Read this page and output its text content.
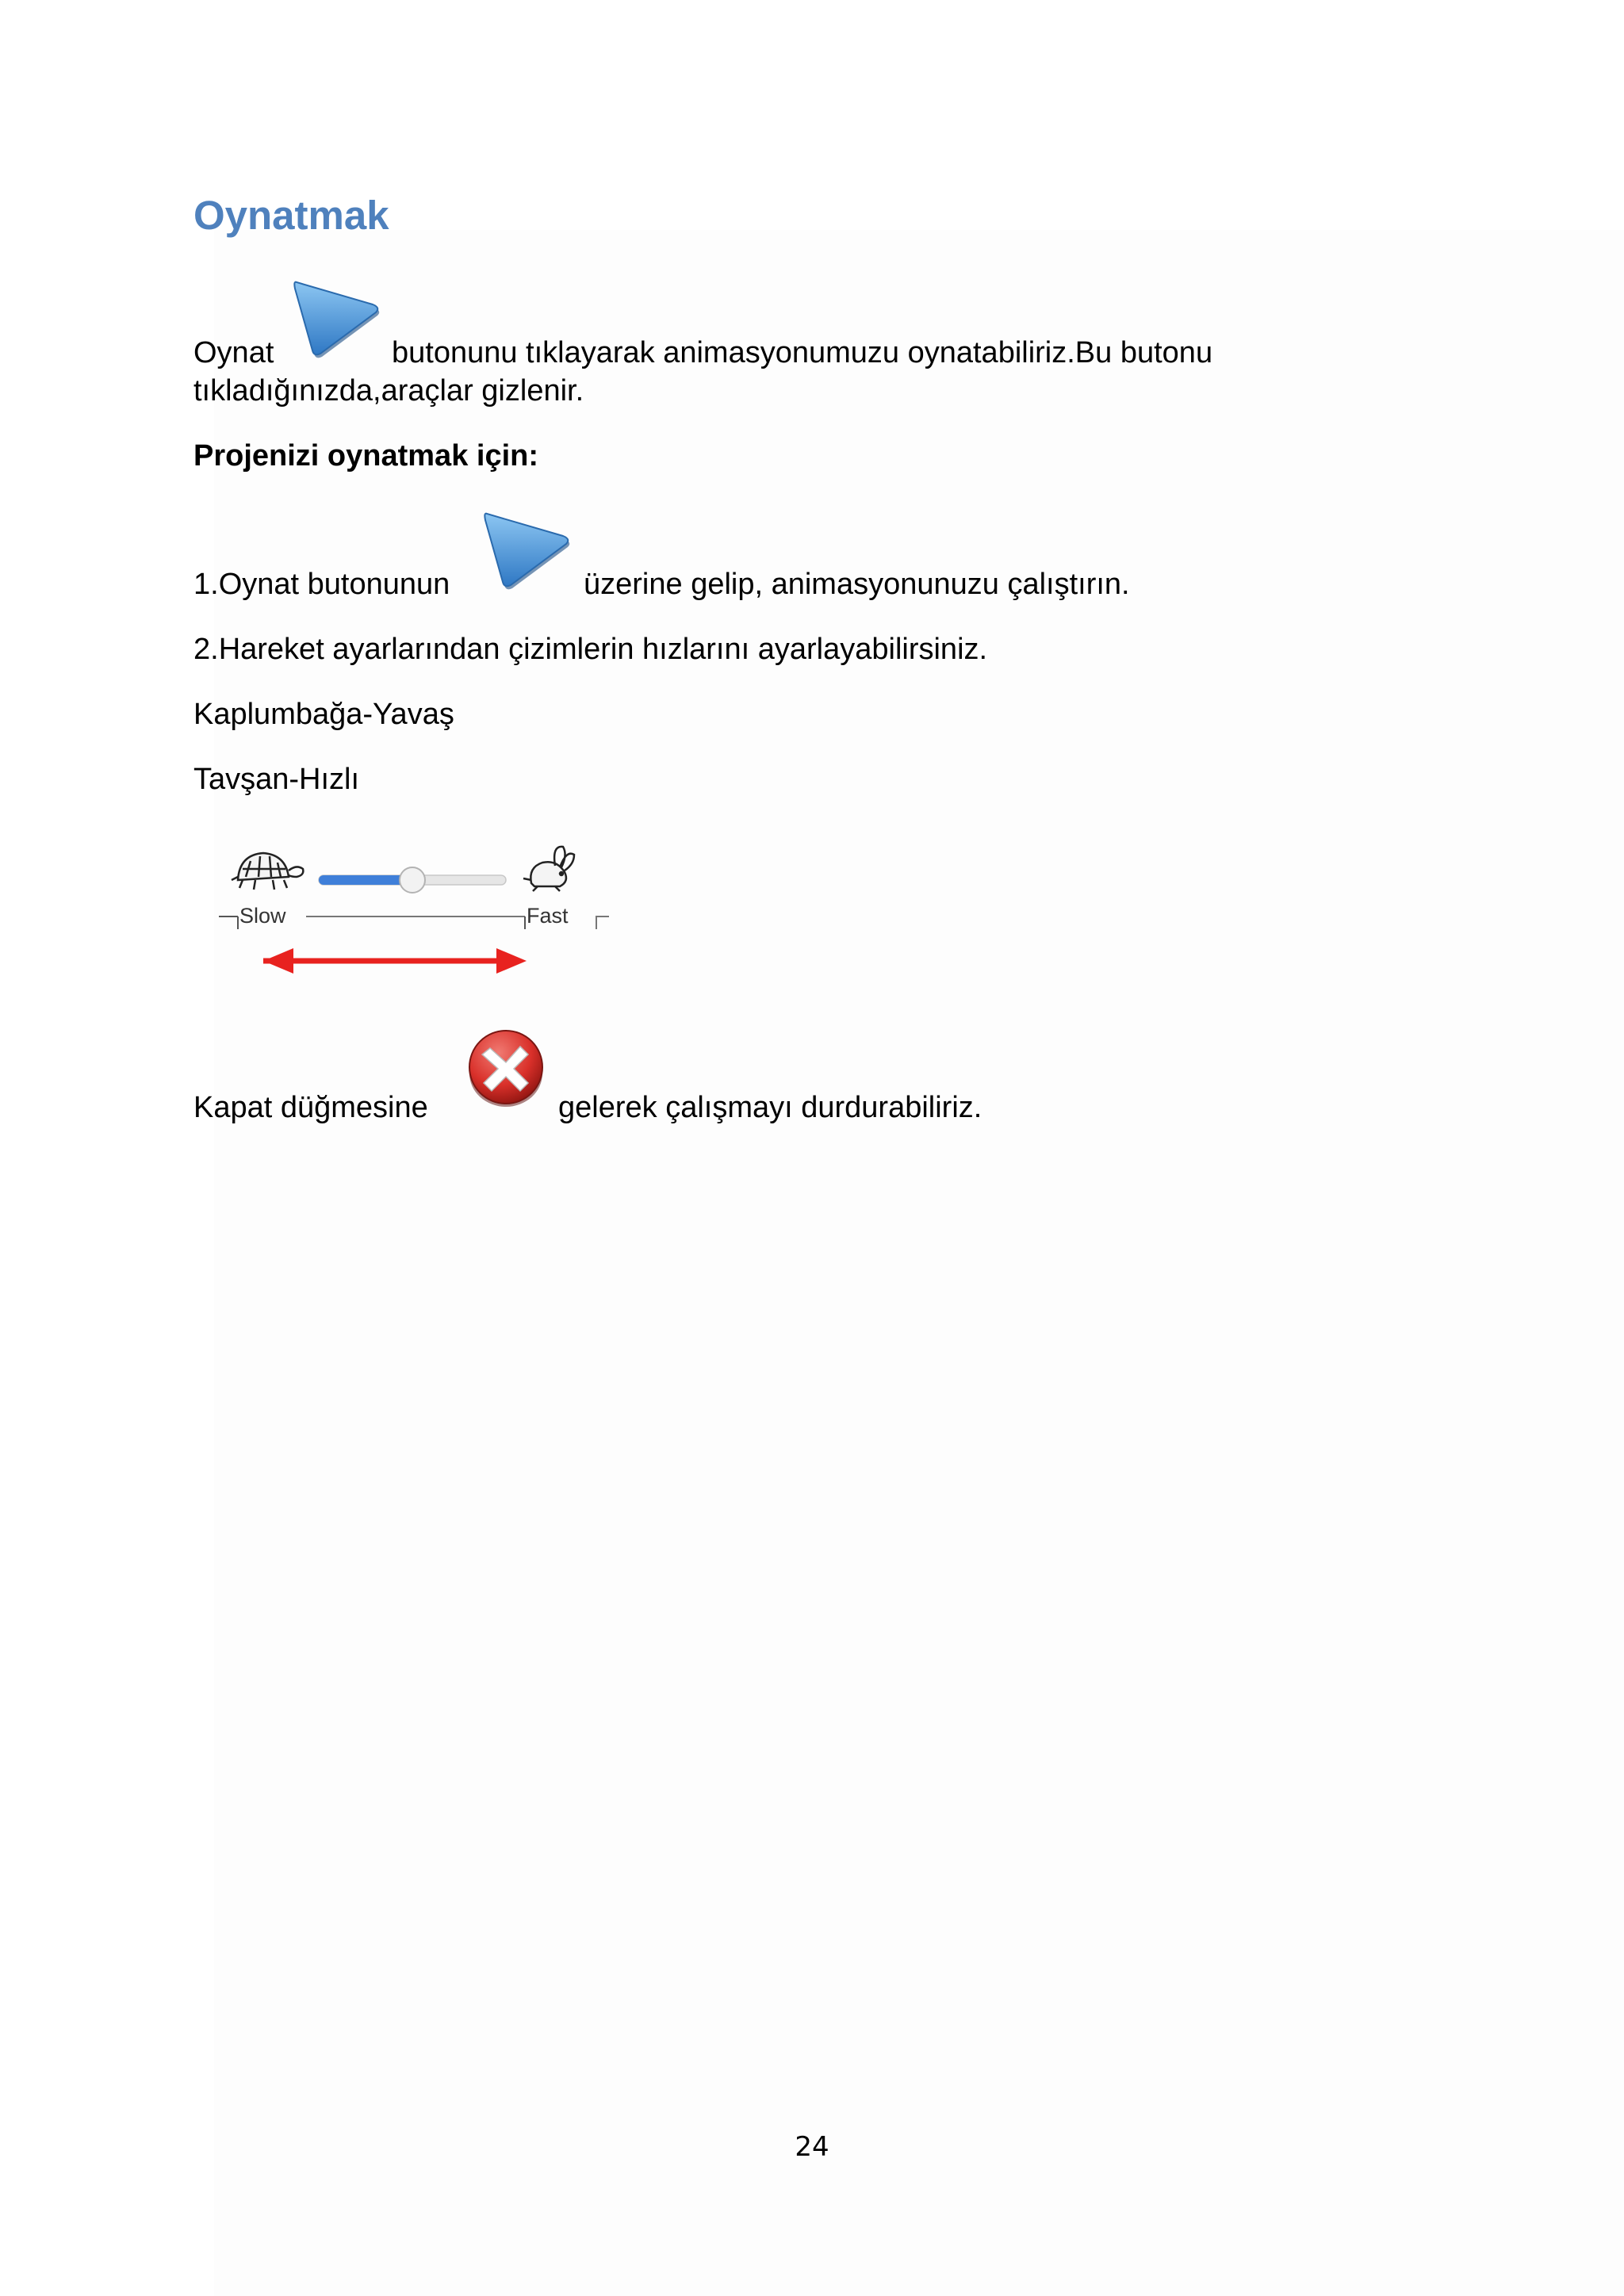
Oynatmak
Oynat	butonunu tıklayarak animasyonumuzu oynatabiliriz.Bu butonu
tıkladığınızda,araçlar gizlenir.
Projenizi oynatmak için:
1.Oynat butonunun	üzerine gelip, animasyonunuzu çalıştırın.
2.Hareket ayarlarından çizimlerin hızlarını ayarlayabilirsiniz.
Kaplumbağa-Yavaş
Tavşan-Hızlı
Slow	Fast
Kapat düğmesine	gelerek çalışmayı durdurabiliriz.
24
